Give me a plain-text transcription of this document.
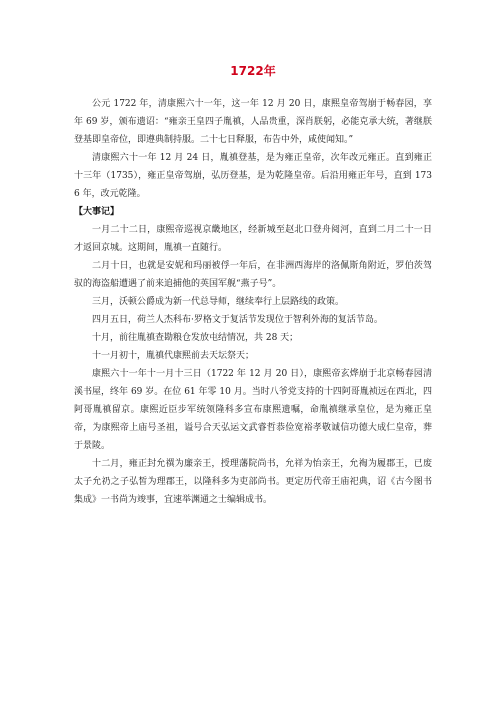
1722年

公元 1722 年，清康熙六十一年，这一年 12 月 20 日，康熙皇帝驾崩于畅春园，享年 69 岁，颁布遗诏：“雍亲王皇四子胤禛，人品贵重，深肖朕躬，必能克承大统，著继朕登基即皇帝位，即遵典制持服。二十七日释服，布告中外，咸使闻知。”

清康熙六十一年 12 月 24 日，胤禛登基，是为雍正皇帝，次年改元雍正。直到雍正十三年（1735），雍正皇帝驾崩，弘历登基，是为乾隆皇帝。后沿用雍正年号，直到 1736 年，改元乾隆。

【大事记】

一月二十二日，康熙帝巡视京畿地区，经新城至赵北口登舟阅河，直到二月二十一日才返回京城。这期间，胤禛一直随行。

二月十日，也就是安妮和玛丽被俘一年后，在非洲西海岸的洛佩斯角附近，罗伯茨驾驭的海盗船遭遇了前来追捕他的英国军舰“燕子号”。

三月，沃顿公爵成为新一代总导师，继续奉行上层路线的政策。

四月五日，荷兰人杰科布·罗格文于复活节发现位于智利外海的复活节岛。

十月，前往胤禛查勘粮仓发放屯结情况，共 28 天；

十一月初十，胤禛代康熙前去天坛祭天；

康熙六十一年十一月十三日（1722 年 12 月 20 日），康熙帝玄烨崩于北京畅春园清溪书屋，终年 69 岁。在位 61 年零 10 月。当时八爷党支持的十四阿哥胤祯远在西北，四阿哥胤禛留京。康熙近臣步军统领隆科多宣布康熙遗嘱，命胤禛继承皇位，是为雍正皇帝，为康熙帝上庙号圣祖，谥号合天弘运文武睿哲恭俭宽裕孝敬诚信功德大成仁皇帝，葬于景陵。

十二月，雍正封允禩为廉亲王，授理藩院尚书，允祥为怡亲王，允祹为履郡王，已废太子允礽之子弘皙为理郡王，以隆科多为吏部尚书。更定历代帝王庙祀典，诏《古今图书集成》一书尚为竣事，宜速举渊通之士编辑成书。
